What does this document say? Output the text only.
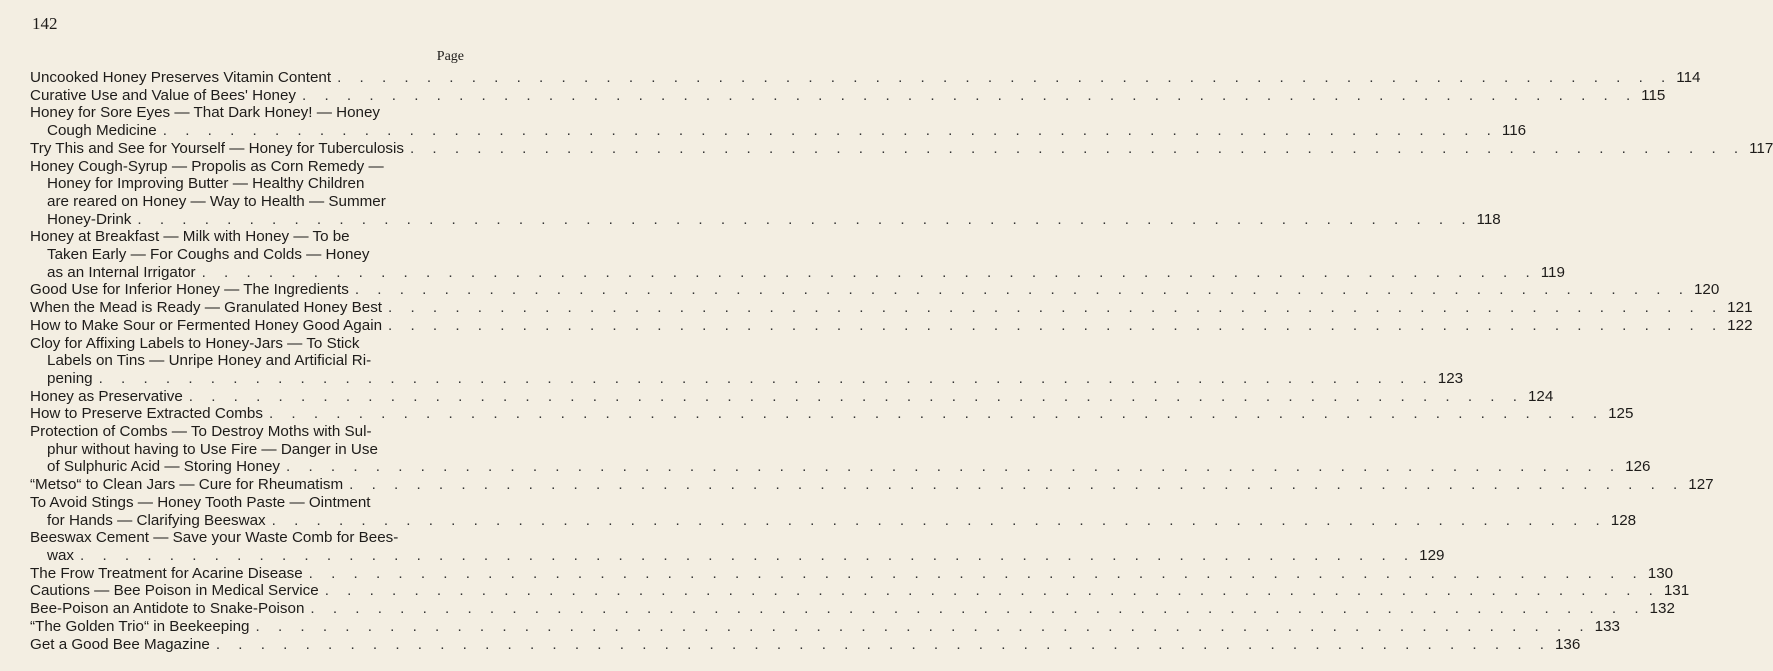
142
Page
Uncooked Honey Preserves Vitamin Content . . . . . . . . . . . . . . . . . . . . . . . . . . . . . . . . . . . . . . . . . . . . . . . . . . . . . . . . . . . . 114
Curative Use and Value of Bees' Honey . . . . . . . . . . . . . . . . . . . . . . . . . . . . . . . . . . . . . . . . . . . . . . . . . . . . . . . . . . . . 115
Honey for Sore Eyes — That Dark Honey! — Honey
Cough Medicine . . . . . . . . . . . . . . . . . . . . . . . . . . . . . . . . . . . . . . . . . . . . . . . . . . . . . . . . . . . . 116
Try This and See for Yourself — Honey for Tuberculosis . . . . . . . . . . . . . . . . . . . . . . . . . . . . . . . . . . . . . . . . . . . . . . . . . . . . . . . . . . . . 117
Honey Cough-Syrup — Propolis as Corn Remedy —
Honey for Improving Butter — Healthy Children
are reared on Honey — Way to Health — Summer
Honey-Drink . . . . . . . . . . . . . . . . . . . . . . . . . . . . . . . . . . . . . . . . . . . . . . . . . . . . . . . . . . . . 118
Honey at Breakfast — Milk with Honey — To be
Taken Early — For Coughs and Colds — Honey
as an Internal Irrigator . . . . . . . . . . . . . . . . . . . . . . . . . . . . . . . . . . . . . . . . . . . . . . . . . . . . . . . . . . . . 119
Good Use for Inferior Honey — The Ingredients . . . . . . . . . . . . . . . . . . . . . . . . . . . . . . . . . . . . . . . . . . . . . . . . . . . . . . . . . . . . 120
When the Mead is Ready — Granulated Honey Best . . . . . . . . . . . . . . . . . . . . . . . . . . . . . . . . . . . . . . . . . . . . . . . . . . . . . . . . . . . . 121
How to Make Sour or Fermented Honey Good Again . . . . . . . . . . . . . . . . . . . . . . . . . . . . . . . . . . . . . . . . . . . . . . . . . . . . . . . . . . . . 122
Cloy for Affixing Labels to Honey-Jars — To Stick
Labels on Tins — Unripe Honey and Artificial Ri-
pening . . . . . . . . . . . . . . . . . . . . . . . . . . . . . . . . . . . . . . . . . . . . . . . . . . . . . . . . . . . . 123
Honey as Preservative . . . . . . . . . . . . . . . . . . . . . . . . . . . . . . . . . . . . . . . . . . . . . . . . . . . . . . . . . . . . 124
How to Preserve Extracted Combs . . . . . . . . . . . . . . . . . . . . . . . . . . . . . . . . . . . . . . . . . . . . . . . . . . . . . . . . . . . . 125
Protection of Combs — To Destroy Moths with Sul-
phur without having to Use Fire — Danger in Use
of Sulphuric Acid — Storing Honey . . . . . . . . . . . . . . . . . . . . . . . . . . . . . . . . . . . . . . . . . . . . . . . . . . . . . . . . . . . . 126
“Metso“ to Clean Jars — Cure for Rheumatism . . . . . . . . . . . . . . . . . . . . . . . . . . . . . . . . . . . . . . . . . . . . . . . . . . . . . . . . . . . . 127
To Avoid Stings — Honey Tooth Paste — Ointment
for Hands — Clarifying Beeswax . . . . . . . . . . . . . . . . . . . . . . . . . . . . . . . . . . . . . . . . . . . . . . . . . . . . . . . . . . . . 128
Beeswax Cement — Save your Waste Comb for Bees-
wax . . . . . . . . . . . . . . . . . . . . . . . . . . . . . . . . . . . . . . . . . . . . . . . . . . . . . . . . . . . . 129
The Frow Treatment for Acarine Disease . . . . . . . . . . . . . . . . . . . . . . . . . . . . . . . . . . . . . . . . . . . . . . . . . . . . . . . . . . . . 130
Cautions — Bee Poison in Medical Service . . . . . . . . . . . . . . . . . . . . . . . . . . . . . . . . . . . . . . . . . . . . . . . . . . . . . . . . . . . . 131
Bee-Poison an Antidote to Snake-Poison . . . . . . . . . . . . . . . . . . . . . . . . . . . . . . . . . . . . . . . . . . . . . . . . . . . . . . . . . . . . 132
“The Golden Trio“ in Beekeeping . . . . . . . . . . . . . . . . . . . . . . . . . . . . . . . . . . . . . . . . . . . . . . . . . . . . . . . . . . . . 133
Get a Good Bee Magazine . . . . . . . . . . . . . . . . . . . . . . . . . . . . . . . . . . . . . . . . . . . . . . . . . . . . . . . . . . . . 136
